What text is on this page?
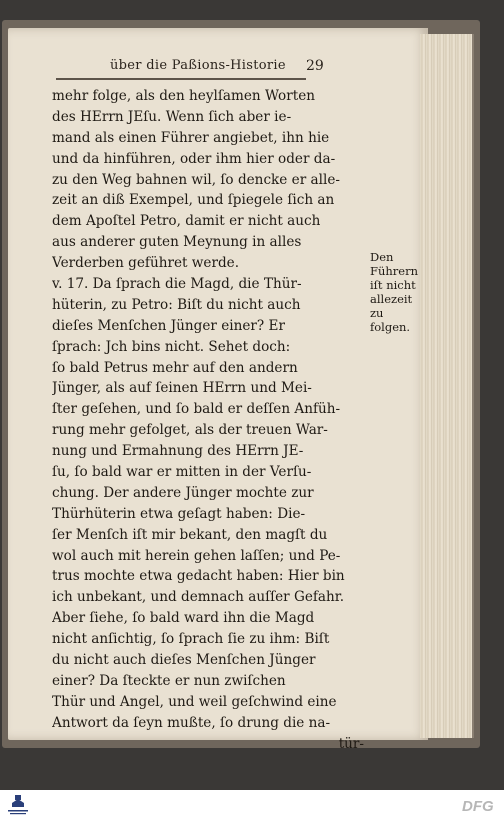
über die Paßions-Historie	29
mehr folge, als den heylſamen Worten
des HErrn JEſu. Wenn ſich aber ie-
mand als einen Führer angiebet, ihn hie
und da hinführen, oder ihm hier oder da-
zu den Weg bahnen wil, ſo dencke er alle-
zeit an diß Exempel, und ſpiegele ſich an
dem Apoſtel Petro, damit er nicht auch
aus anderer guten Meynung in alles
Verderben geführet werde.
v. 17. Da ſprach die Magd, die Thür-
hüterin, zu Petro: Biſt du nicht auch
dieſes Menſchen Jünger einer? Er
ſprach: Jch bins nicht. Sehet doch:
ſo bald Petrus mehr auf den andern
Jünger, als auf ſeinen HErrn und Mei-
ſter geſehen, und ſo bald er deſſen Anfüh-
rung mehr gefolget, als der treuen War-
nung und Ermahnung des HErrn JE-
ſu, ſo bald war er mitten in der Verſu-
chung. Der andere Jünger mochte zur
Thürhüterin etwa geſagt haben: Die-
ſer Menſch iſt mir bekant, den magſt du
wol auch mit herein gehen laſſen; und Pe-
trus mochte etwa gedacht haben: Hier bin
ich unbekant, und demnach auſſer Gefahr.
Aber ſiehe, ſo bald ward ihn die Magd
nicht anſichtig, ſo ſprach ſie zu ihm: Biſt
du nicht auch dieſes Menſchen Jünger
einer? Da ſteckte er nun zwiſchen
Thür und Angel, und weil geſchwind eine
Antwort da ſeyn mußte, ſo drung die na-
tür-
Den Führern
iſt nicht allezeit
zu folgen.
DFG
